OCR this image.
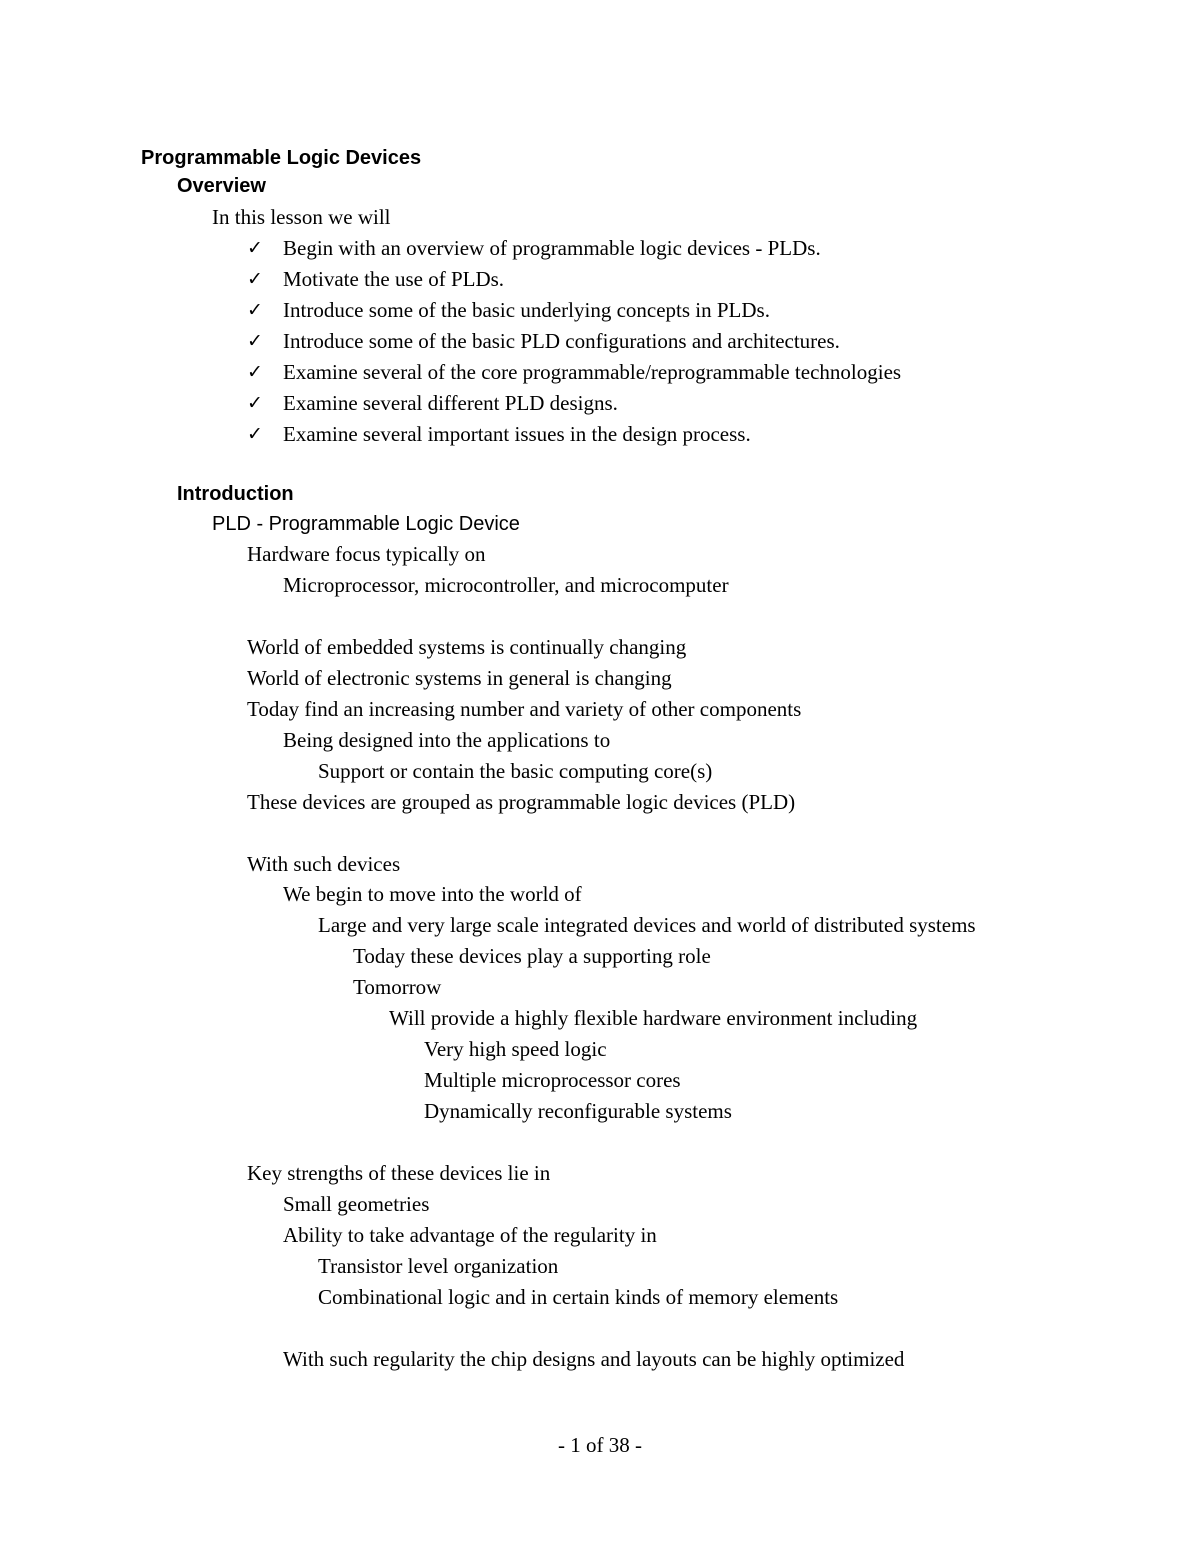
Programmable Logic Devices
Overview
In this lesson we will
✓ Begin with an overview of programmable logic devices - PLDs.
✓ Motivate the use of PLDs.
✓ Introduce some of the basic underlying concepts in PLDs.
✓ Introduce some of the basic PLD configurations and architectures.
✓ Examine several of the core programmable/reprogrammable technologies
✓ Examine several different PLD designs.
✓ Examine several important issues in the design process.
Introduction
PLD - Programmable Logic Device
Hardware focus typically on
Microprocessor, microcontroller, and microcomputer
World of embedded systems is continually changing
World of electronic systems in general is changing
Today find an increasing number and variety of other components
Being designed into the applications to
Support or contain the basic computing core(s)
These devices are grouped as programmable logic devices (PLD)
With such devices
We begin to move into the world of
Large and very large scale integrated devices and world of distributed systems
Today these devices play a supporting role
Tomorrow
Will provide a highly flexible hardware environment including
Very high speed logic
Multiple microprocessor cores
Dynamically reconfigurable systems
Key strengths of these devices lie in
Small geometries
Ability to take advantage of the regularity in
Transistor level organization
Combinational logic and in certain kinds of memory elements
With such regularity the chip designs and layouts can be highly optimized
- 1 of 38 -
